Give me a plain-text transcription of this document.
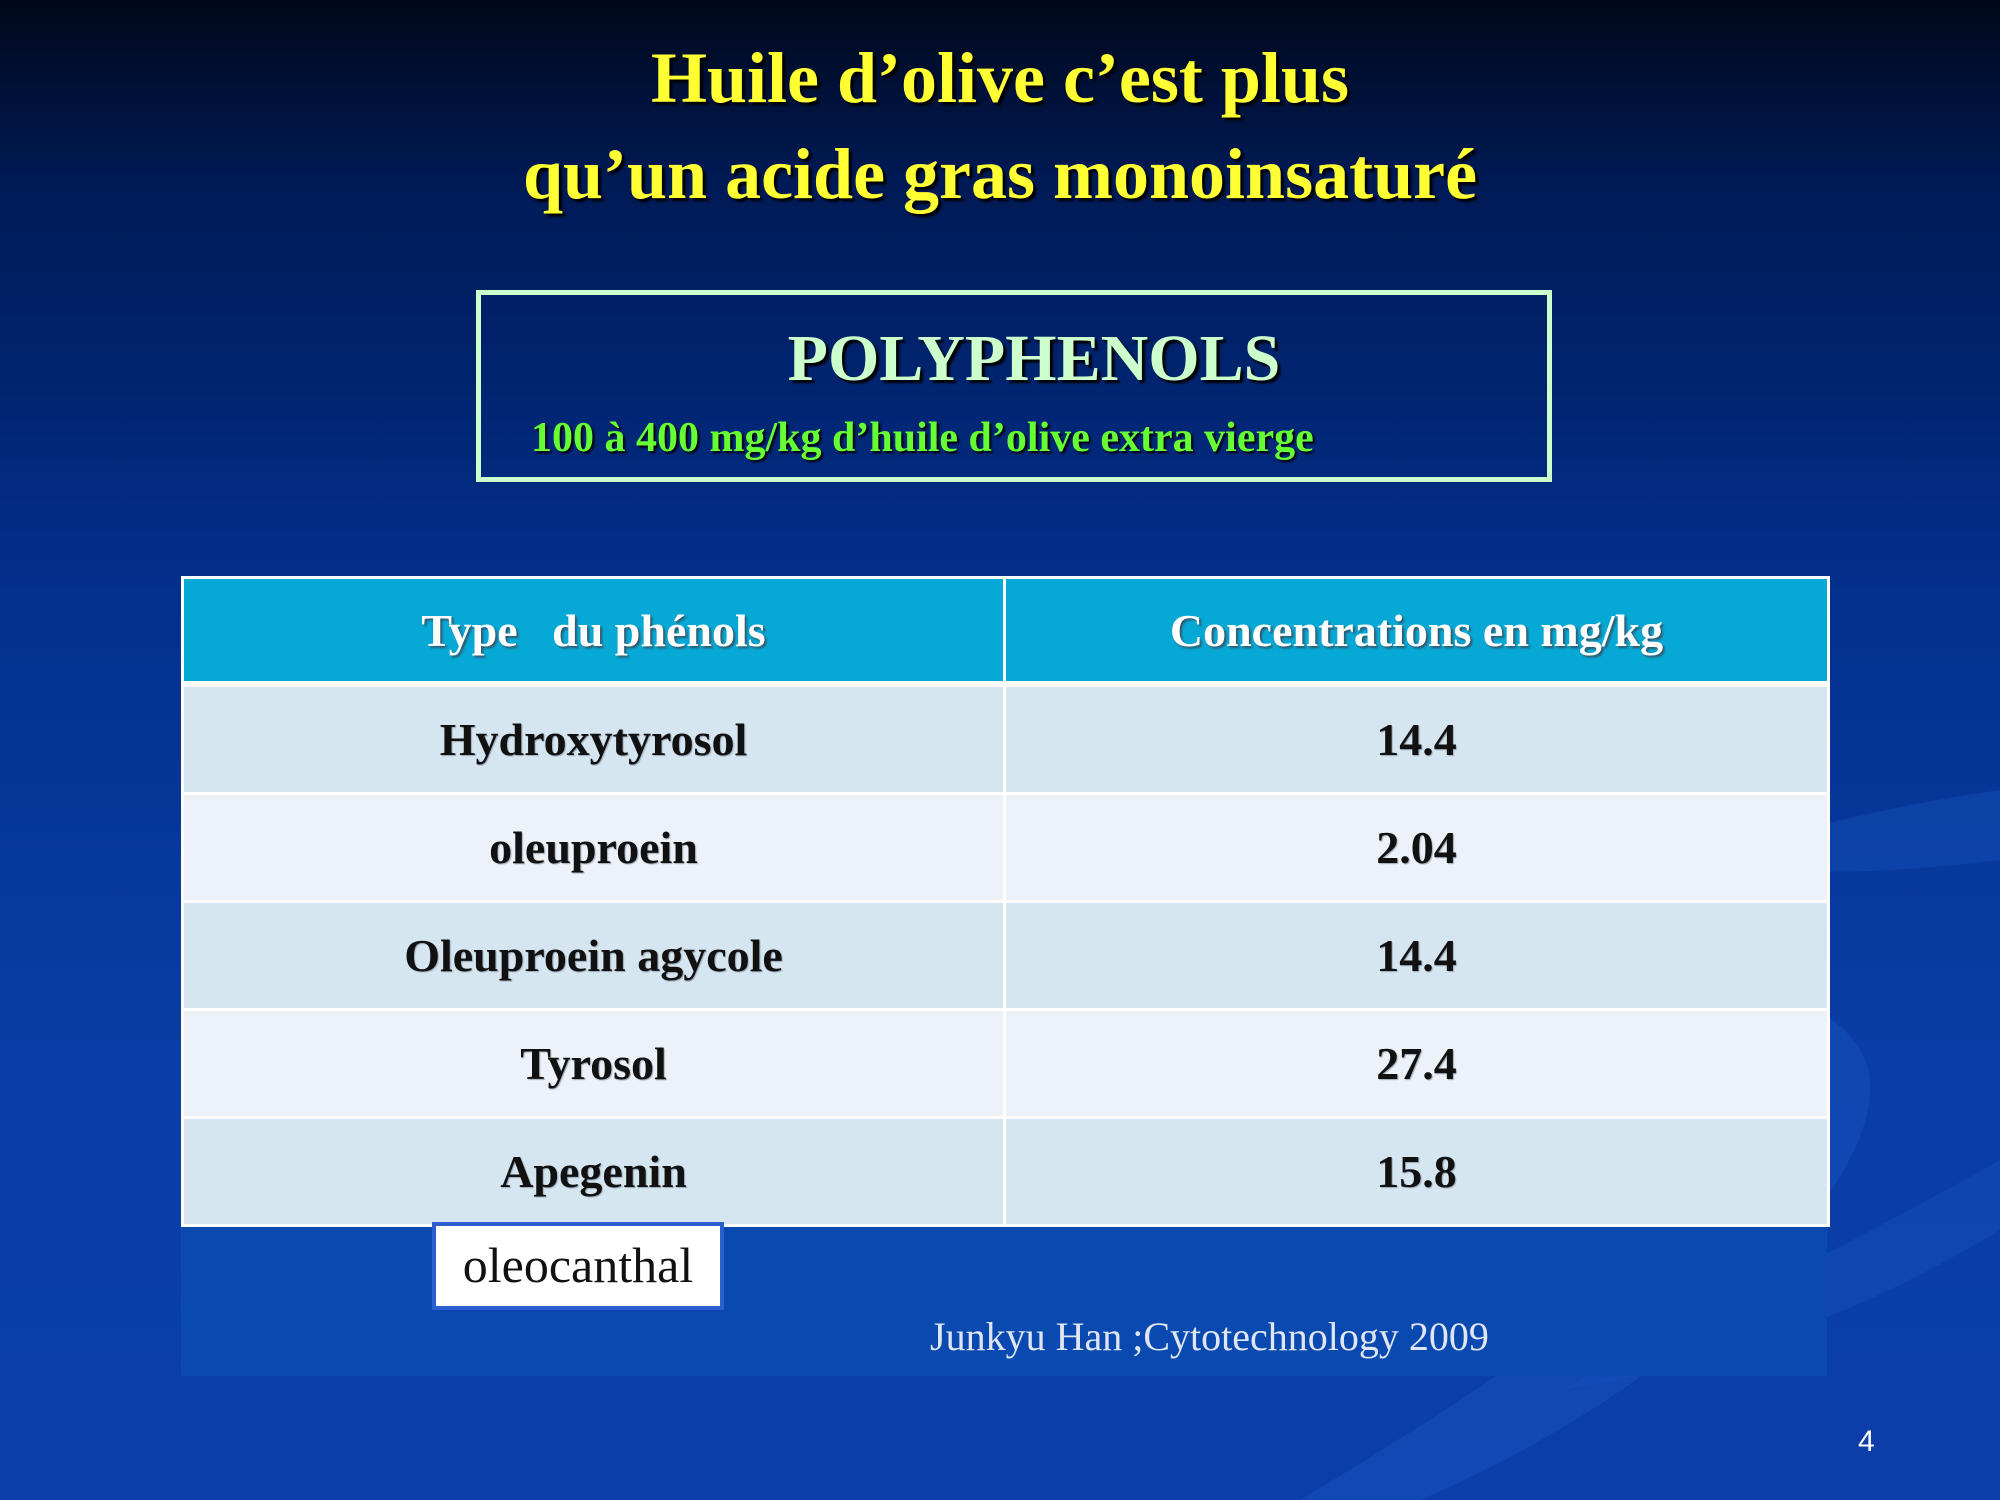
Huile d’olive c’est plus
qu’un acide gras monoinsaturé
POLYPHENOLS
100 à 400 mg/kg d’huile d’olive extra vierge
Type   du phénols	Concentrations en mg/kg
Hydroxytyrosol	14.4
oleuproein	2.04
Oleuproein agycole	14.4
Tyrosol	27.4
Apegenin	15.8
oleocanthal
Junkyu Han ;Cytotechnology 2009
4
